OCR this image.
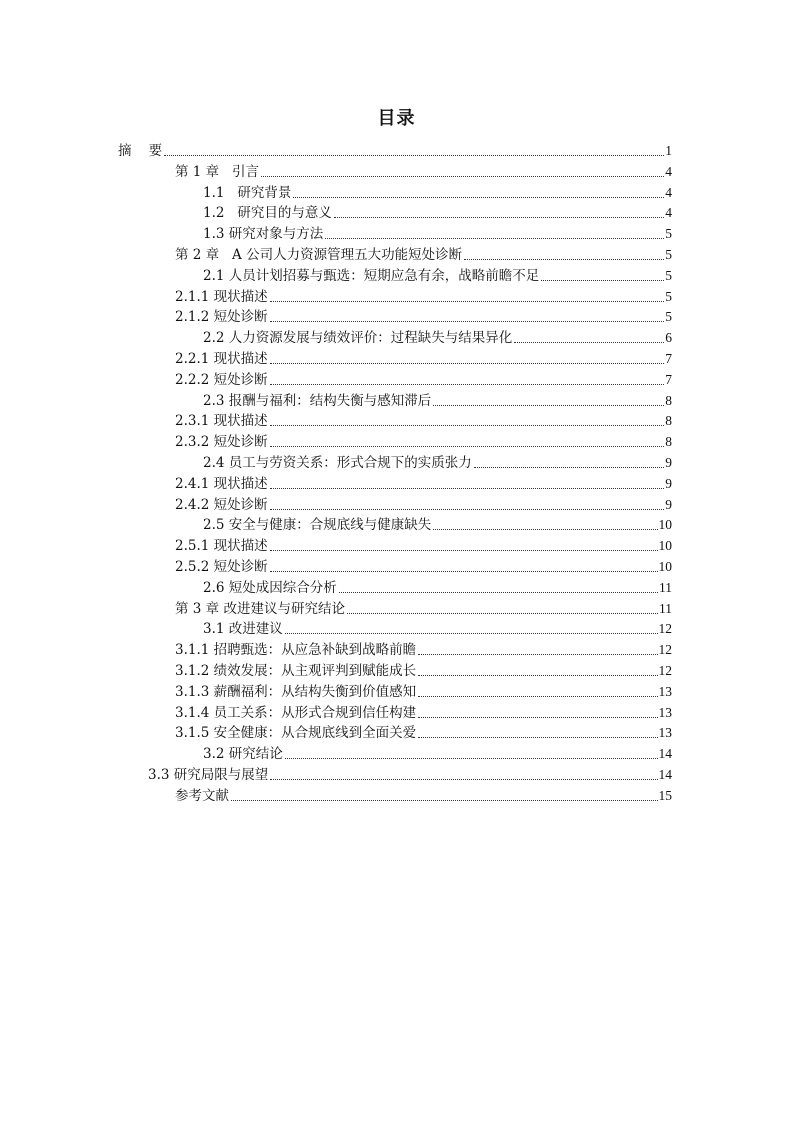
目录
摘    要	1
第 1 章   引言	4
1.1   研究背景	4
1.2   研究目的与意义	4
1.3 研究对象与方法	5
第 2 章   A 公司人力资源管理五大功能短处诊断	5
2.1 人员计划招募与甄选：短期应急有余，战略前瞻不足	5
2.1.1 现状描述	5
2.1.2 短处诊断	5
2.2 人力资源发展与绩效评价：过程缺失与结果异化	6
2.2.1 现状描述	7
2.2.2 短处诊断	7
2.3 报酬与福利：结构失衡与感知滞后	8
2.3.1 现状描述	8
2.3.2 短处诊断	8
2.4 员工与劳资关系：形式合规下的实质张力	9
2.4.1 现状描述	9
2.4.2 短处诊断	9
2.5 安全与健康：合规底线与健康缺失	10
2.5.1 现状描述	10
2.5.2 短处诊断	10
2.6 短处成因综合分析	11
第 3 章 改进建议与研究结论	11
3.1 改进建议	12
3.1.1 招聘甄选：从应急补缺到战略前瞻	12
3.1.2 绩效发展：从主观评判到赋能成长	12
3.1.3 薪酬福利：从结构失衡到价值感知	13
3.1.4 员工关系：从形式合规到信任构建	13
3.1.5 安全健康：从合规底线到全面关爱	13
3.2 研究结论	14
3.3 研究局限与展望	14
参考文献	15
